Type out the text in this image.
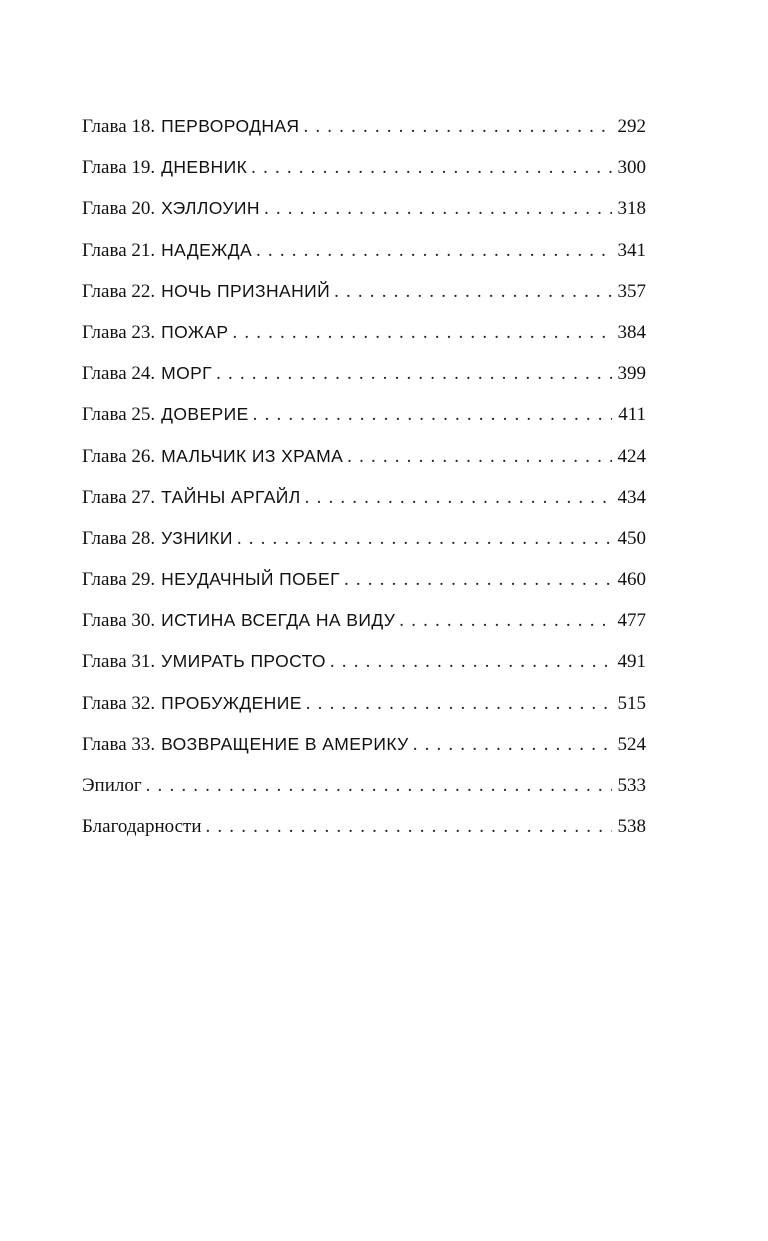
Глава 18. ПЕРВОРОДНАЯ . . .	292
Глава 19. ДНЕВНИК . . .	300
Глава 20. ХЭЛЛОУИН . . .	318
Глава 21. НАДЕЖДА . . .	341
Глава 22. НОЧЬ ПРИЗНАНИЙ . . .	357
Глава 23. ПОЖАР . . .	384
Глава 24. МОРГ . . .	399
Глава 25. ДОВЕРИЕ . . .	411
Глава 26. МАЛЬЧИК ИЗ ХРАМА . . .	424
Глава 27. ТАЙНЫ АРГАЙЛ . . .	434
Глава 28. УЗНИКИ . . .	450
Глава 29. НЕУДАЧНЫЙ ПОБЕГ . . .	460
Глава 30. ИСТИНА ВСЕГДА НА ВИДУ . . .	477
Глава 31. УМИРАТЬ ПРОСТО . . .	491
Глава 32. ПРОБУЖДЕНИЕ . . .	515
Глава 33. ВОЗВРАЩЕНИЕ В АМЕРИКУ . . .	524
Эпилог . . .	533
Благодарности . . .	538
